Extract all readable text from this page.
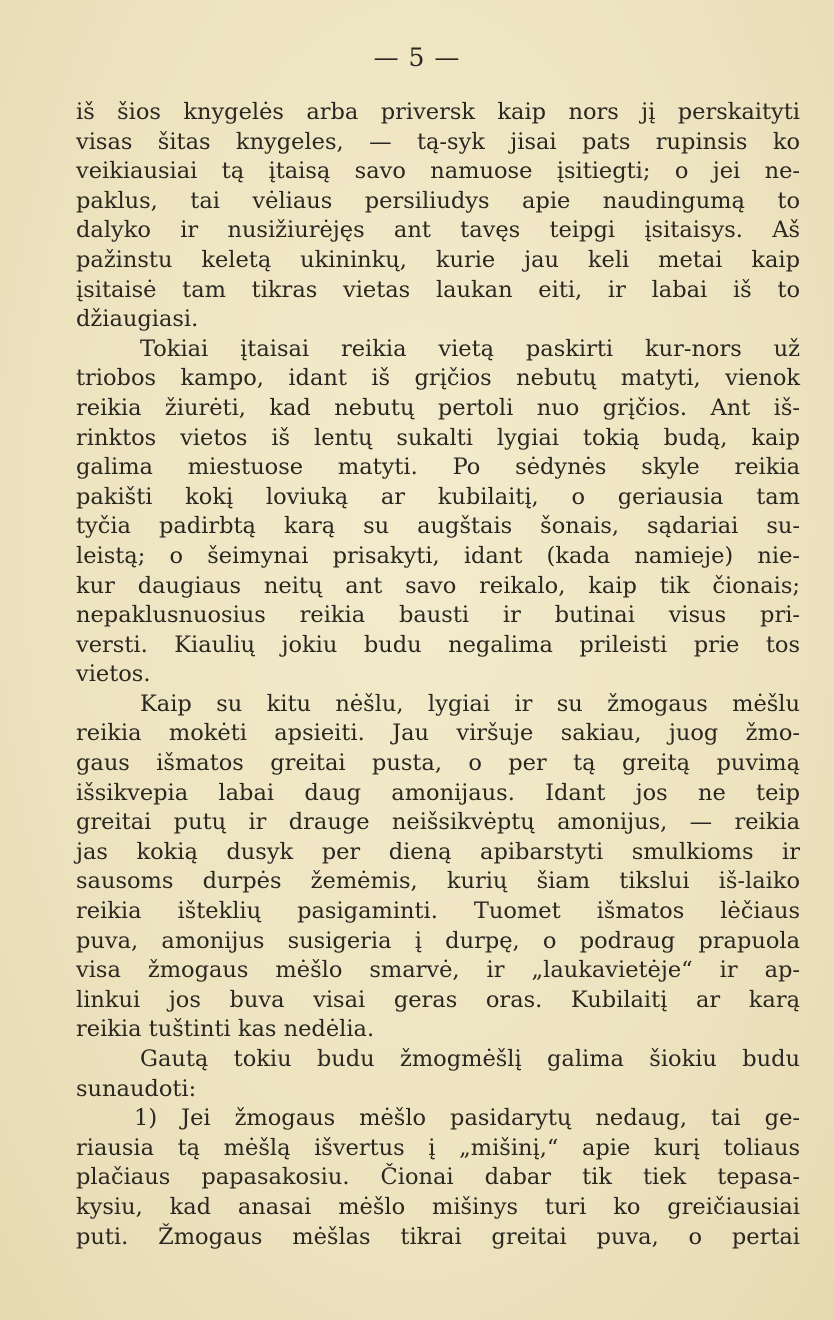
— 5 —
iš šios knygelės arba priversk kaip nors jį perskaityti
visas šitas knygeles, — tą-syk jisai pats rupinsis ko
veikiausiai tą įtaisą savo namuose įsitiegti; o jei ne-
paklus, tai vėliaus persiliudys apie naudingumą to
dalyko ir nusižiurėjęs ant tavęs teipgi įsitaisys. Aš
pažinstu keletą ukininkų, kurie jau keli metai kaip
įsitaisė tam tikras vietas laukan eiti, ir labai iš to
džiaugiasi.
Tokiai įtaisai reikia vietą paskirti kur-nors už
triobos kampo, idant iš grįčios nebutų matyti, vienok
reikia žiurėti, kad nebutų pertoli nuo grįčios. Ant iš-
rinktos vietos iš lentų sukalti lygiai tokią budą, kaip
galima miestuose matyti. Po sėdynės skyle reikia
pakišti kokį loviuką ar kubilaitį, o geriausia tam
tyčia padirbtą karą su augštais šonais, sądariai su-
leistą; o šeimynai prisakyti, idant (kada namieje) nie-
kur daugiaus neitų ant savo reikalo, kaip tik čionais;
nepaklusnuosius reikia bausti ir butinai visus pri-
versti. Kiaulių jokiu budu negalima prileisti prie tos
vietos.
Kaip su kitu nėšlu, lygiai ir su žmogaus mėšlu
reikia mokėti apsieiti. Jau viršuje sakiau, juog žmo-
gaus išmatos greitai pusta, o per tą greitą puvimą
išsikvepia labai daug amonijaus. Idant jos ne teip
greitai putų ir drauge neišsikvėptų amonijus, — reikia
jas kokią dusyk per dieną apibarstyti smulkioms ir
sausoms durpės žemėmis, kurių šiam tikslui iš-laiko
reikia išteklių pasigaminti. Tuomet išmatos lėčiaus
puva, amonijus susigeria į durpę, o podraug prapuola
visa žmogaus mėšlo smarvė, ir „laukavietėje“ ir ap-
linkui jos buva visai geras oras. Kubilaitį ar karą
reikia tuštinti kas nedėlia.
Gautą tokiu budu žmogmėšlį galima šiokiu budu
sunaudoti:
1) Jei žmogaus mėšlo pasidarytų nedaug, tai ge-
riausia tą mėšlą išvertus į „mišinį,“ apie kurį toliaus
plačiaus papasakosiu. Čionai dabar tik tiek tepasa-
kysiu, kad anasai mėšlo mišinys turi ko greičiausiai
puti. Žmogaus mėšlas tikrai greitai puva, o pertai
